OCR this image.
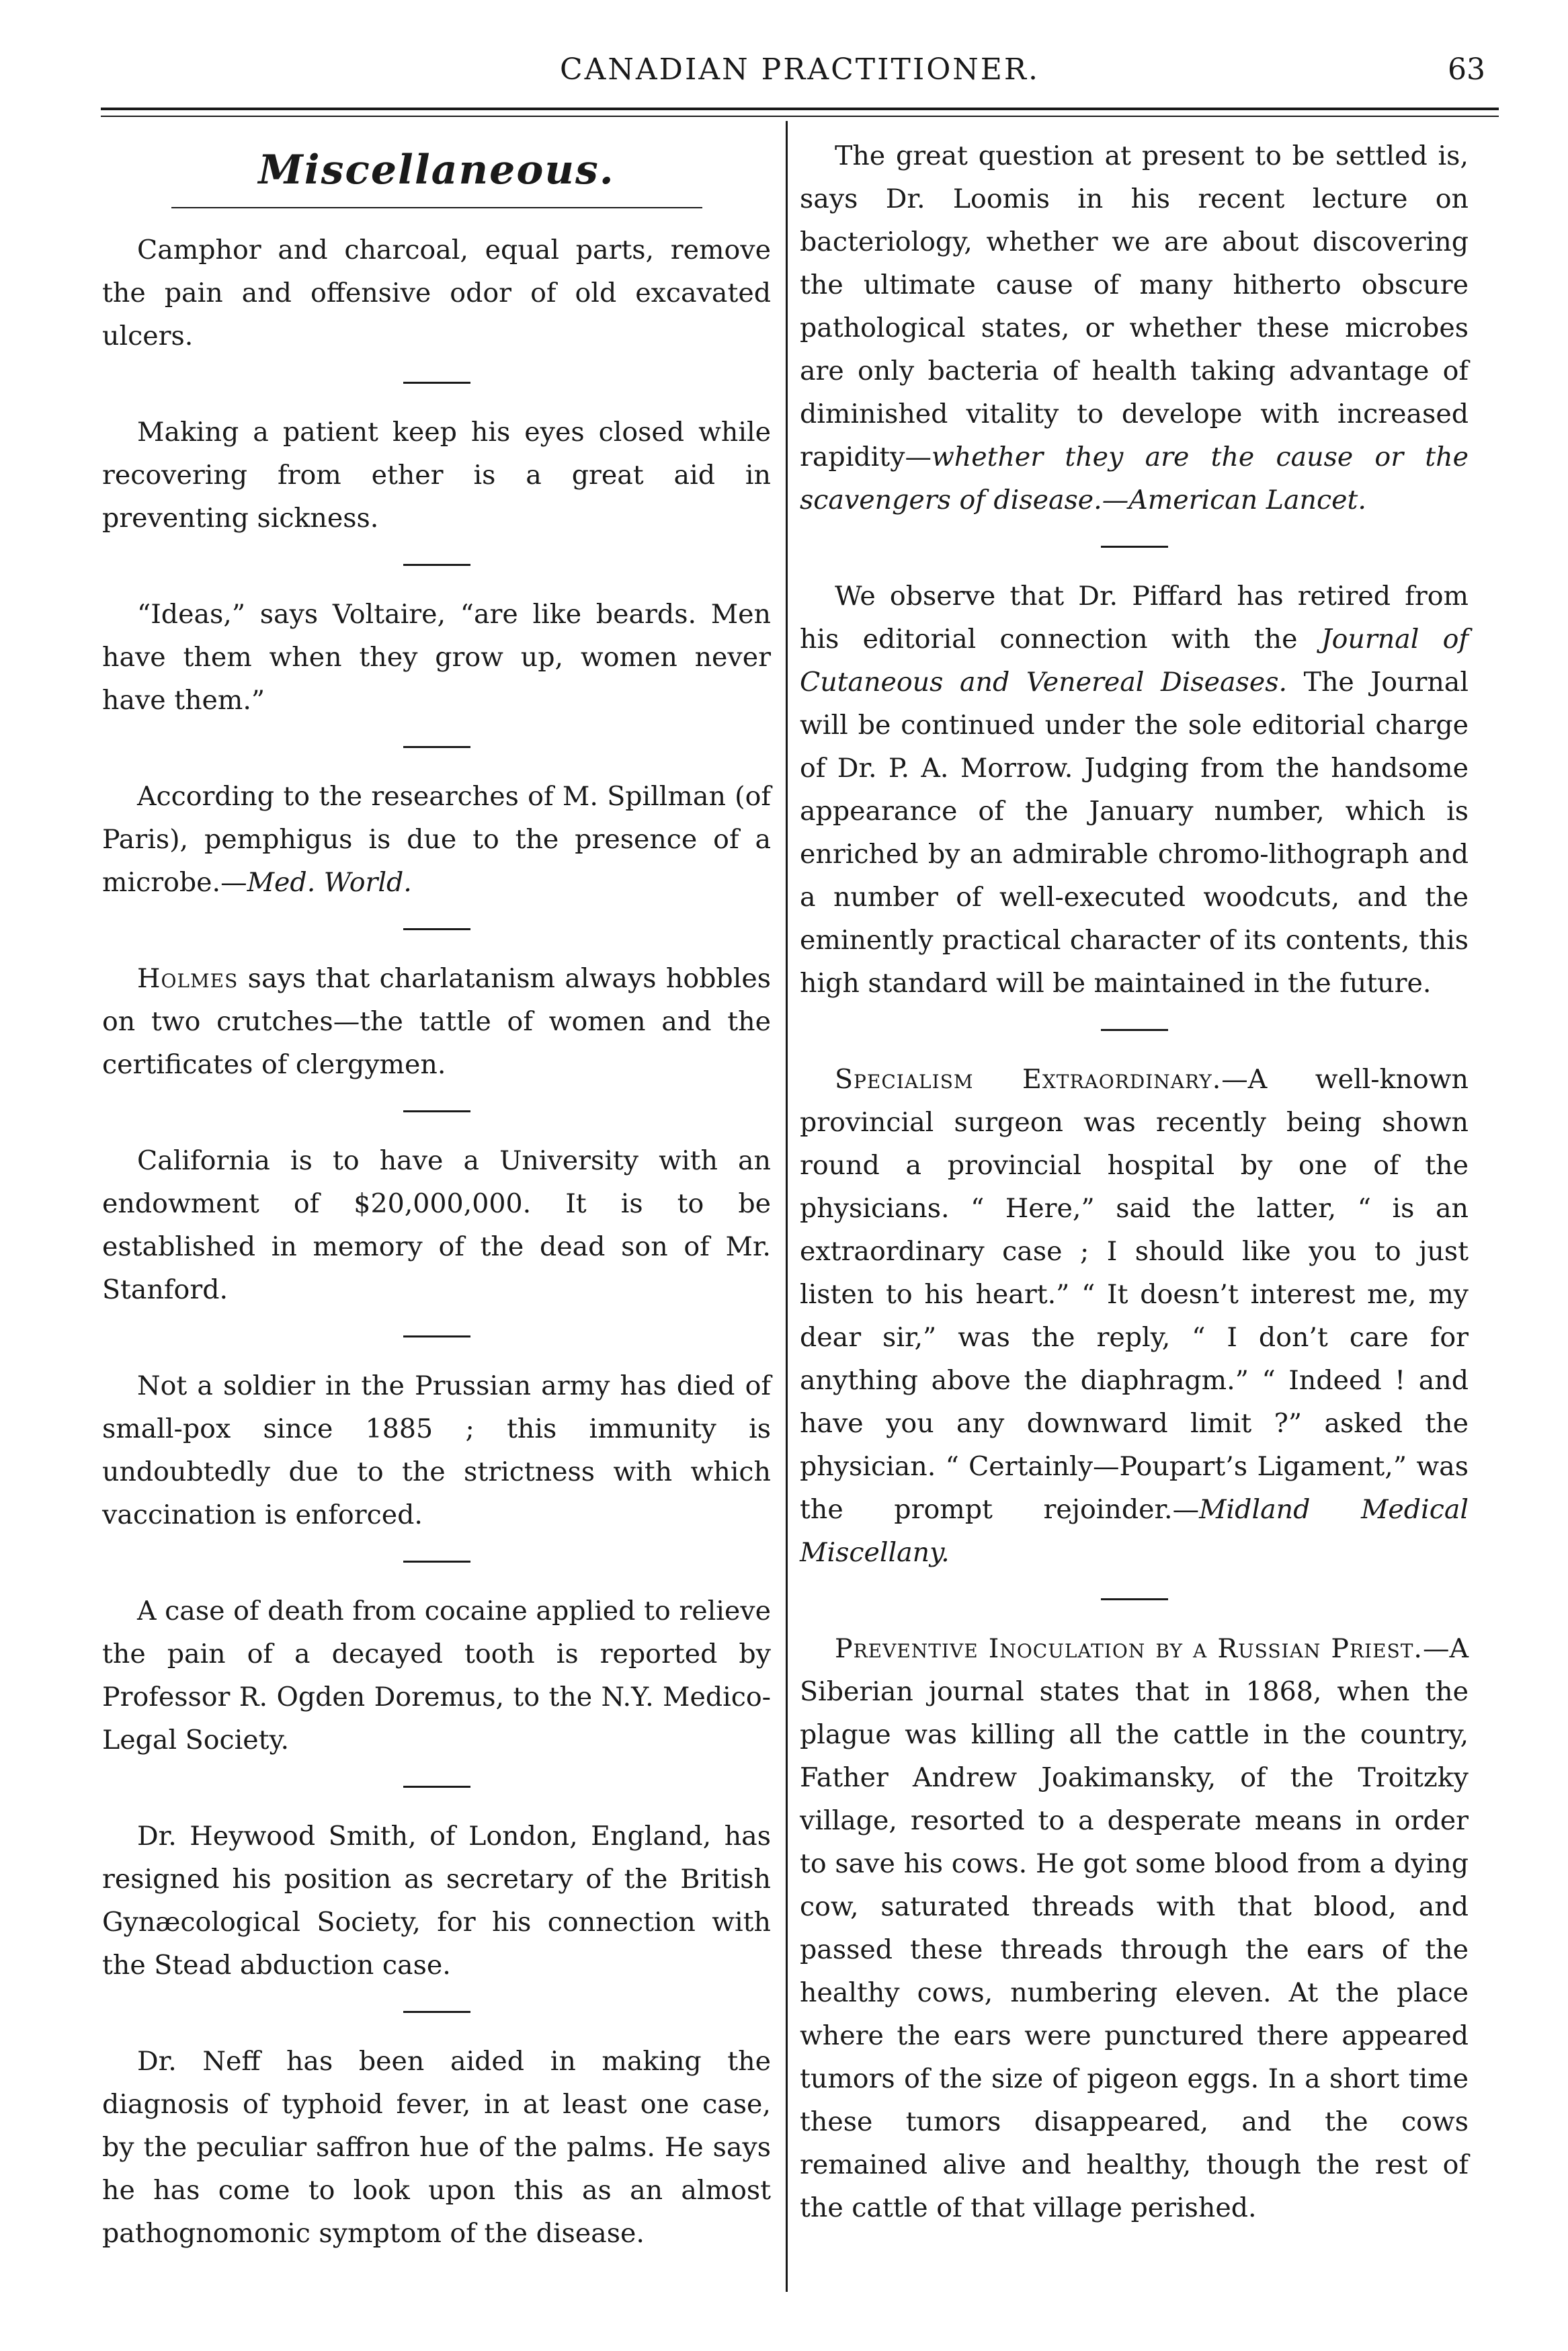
CANADIAN PRACTITIONER.	63
Miscellaneous.

Camphor and charcoal, equal parts, remove the pain and offensive odor of old excavated ulcers.

Making a patient keep his eyes closed while recovering from ether is a great aid in preventing sickness.

“Ideas,” says Voltaire, “are like beards. Men have them when they grow up, women never have them.”

According to the researches of M. Spillman (of Paris), pemphigus is due to the presence of a microbe.—Med. World.

Holmes says that charlatanism always hobbles on two crutches—the tattle of women and the certificates of clergymen.

California is to have a University with an endowment of $20,000,000. It is to be established in memory of the dead son of Mr. Stanford.

Not a soldier in the Prussian army has died of small-pox since 1885 ; this immunity is undoubtedly due to the strictness with which vaccination is enforced.

A case of death from cocaine applied to relieve the pain of a decayed tooth is reported by Professor R. Ogden Doremus, to the N.Y. Medico-Legal Society.

Dr. Heywood Smith, of London, England, has resigned his position as secretary of the British Gynæcological Society, for his connection with the Stead abduction case.

Dr. Neff has been aided in making the diagnosis of typhoid fever, in at least one case, by the peculiar saffron hue of the palms. He says he has come to look upon this as an almost pathognomonic symptom of the disease.

The great question at present to be settled is, says Dr. Loomis in his recent lecture on bacteriology, whether we are about discovering the ultimate cause of many hitherto obscure pathological states, or whether these microbes are only bacteria of health taking advantage of diminished vitality to develope with increased rapidity—whether they are the cause or the scavengers of disease.—American Lancet.

We observe that Dr. Piffard has retired from his editorial connection with the Journal of Cutaneous and Venereal Diseases. The Journal will be continued under the sole editorial charge of Dr. P. A. Morrow. Judging from the handsome appearance of the January number, which is enriched by an admirable chromo-lithograph and a number of well-executed woodcuts, and the eminently practical character of its contents, this high standard will be maintained in the future.

Specialism Extraordinary.—A well-known provincial surgeon was recently being shown round a provincial hospital by one of the physicians. “ Here,” said the latter, “ is an extraordinary case ; I should like you to just listen to his heart.” “ It doesn’t interest me, my dear sir,” was the reply, “ I don’t care for anything above the diaphragm.” “ Indeed ! and have you any downward limit ?” asked the physician. “ Certainly—Poupart’s Ligament,” was the prompt rejoinder.—Midland Medical Miscellany.

Preventive Inoculation by a Russian Priest.—A Siberian journal states that in 1868, when the plague was killing all the cattle in the country, Father Andrew Joakimansky, of the Troitzky village, resorted to a desperate means in order to save his cows. He got some blood from a dying cow, saturated threads with that blood, and passed these threads through the ears of the healthy cows, numbering eleven. At the place where the ears were punctured there appeared tumors of the size of pigeon eggs. In a short time these tumors disappeared, and the cows remained alive and healthy, though the rest of the cattle of that village perished.
